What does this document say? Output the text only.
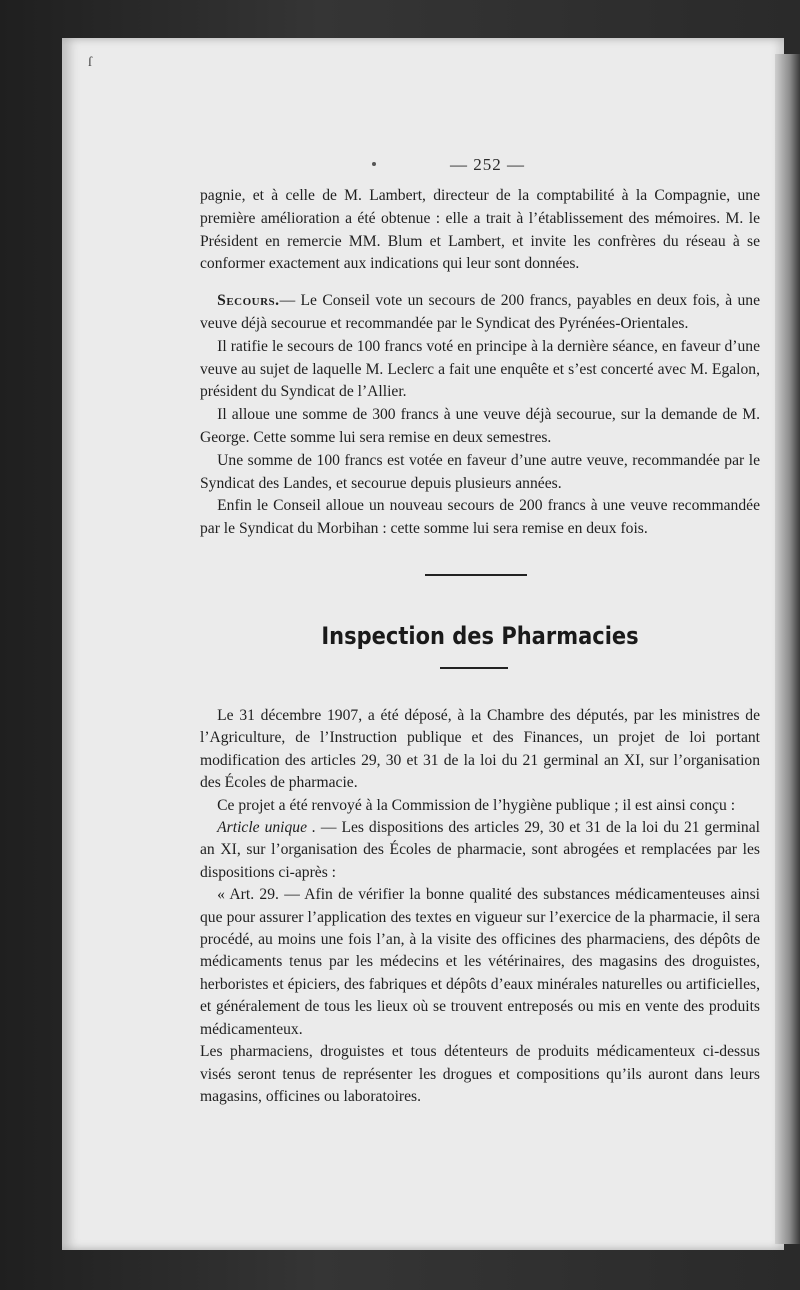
ſ
— 252 —

pagnie, et à celle de M. Lambert, directeur de la comptabilité à la Compagnie, une première amélioration a été obtenue : elle a trait à l’établissement des mémoires. M. le Président en remercie MM. Blum et Lambert, et invite les confrères du réseau à se conformer exactement aux indications qui leur sont données.

Secours.— Le Conseil vote un secours de 200 francs, payables en deux fois, à une veuve déjà secourue et recommandée par le Syndicat des Pyrénées-Orientales.

Il ratifie le secours de 100 francs voté en principe à la dernière séance, en faveur d’une veuve au sujet de laquelle M. Leclerc a fait une enquête et s’est concerté avec M. Egalon, président du Syndicat de l’Allier.

Il alloue une somme de 300 francs à une veuve déjà secourue, sur la demande de M. George. Cette somme lui sera remise en deux semestres.

Une somme de 100 francs est votée en faveur d’une autre veuve, recommandée par le Syndicat des Landes, et secourue depuis plusieurs années.

Enfin le Conseil alloue un nouveau secours de 200 francs à une veuve recommandée par le Syndicat du Morbihan : cette somme lui sera remise en deux fois.

Inspection des Pharmacies

Le 31 décembre 1907, a été déposé, à la Chambre des députés, par les ministres de l’Agriculture, de l’Instruction publique et des Finances, un projet de loi portant modification des articles 29, 30 et 31 de la loi du 21 germinal an XI, sur l’organisation des Écoles de pharmacie.

Ce projet a été renvoyé à la Commission de l’hygiène publique ; il est ainsi conçu :

Article unique . — Les dispositions des articles 29, 30 et 31 de la loi du 21 germinal an XI, sur l’organisation des Écoles de pharmacie, sont abrogées et remplacées par les dispositions ci-après :

« Art. 29. — Afin de vérifier la bonne qualité des substances médicamenteuses ainsi que pour assurer l’application des textes en vigueur sur l’exercice de la pharmacie, il sera procédé, au moins une fois l’an, à la visite des officines des pharmaciens, des dépôts de médicaments tenus par les médecins et les vétérinaires, des magasins des droguistes, herboristes et épiciers, des fabriques et dépôts d’eaux minérales naturelles ou artificielles, et généralement de tous les lieux où se trouvent entreposés ou mis en vente des produits médicamenteux.

Les pharmaciens, droguistes et tous détenteurs de produits médicamenteux ci-dessus visés seront tenus de représenter les drogues et compositions qu’ils auront dans leurs magasins, officines ou laboratoires.
